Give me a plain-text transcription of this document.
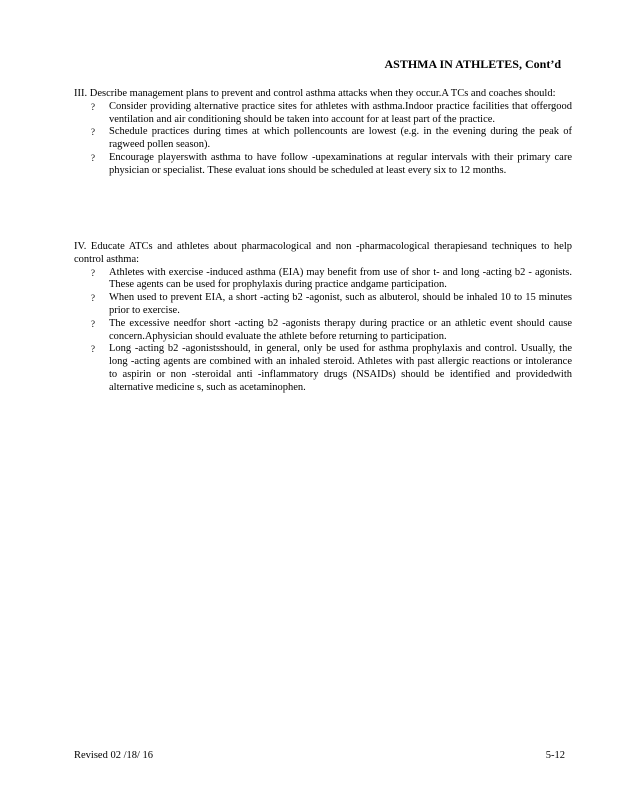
ASTHMA IN ATHLETES, Cont’d

III. Describe management plans to prevent and control asthma attacks when they occur.A TCs and coaches should:

? Consider providing alternative practice sites for athletes with asthma.Indoor practice facilities that offergood ventilation and air conditioning should be taken into account for at least part of the practice.
? Schedule practices during times at which pollencounts are lowest (e.g. in the evening during the peak of ragweed pollen season).
? Encourage playerswith asthma to have follow -upexaminations at regular intervals with their primary care physician or specialist. These evaluat ions should be scheduled at least every six to 12 months.

IV. Educate ATCs and athletes about pharmacological and non -pharmacological therapiesand techniques to help control asthma:

? Athletes with exercise -induced asthma (EIA) may benefit from use of shor t- and long -acting b2 - agonists. These agents can be used for prophylaxis during practice andgame participation.
? When used to prevent EIA, a short -acting b2 -agonist, such as albuterol, should be inhaled 10 to 15 minutes prior to exercise.
? The excessive needfor short -acting b2 -agonists therapy during practice or an athletic event should cause concern.Aphysician should evaluate the athlete before returning to participation.
? Long -acting b2 -agonistsshould, in general, only be used for asthma prophylaxis and control. Usually, the long -acting agents are combined with an inhaled steroid. Athletes with past allergic reactions or intolerance to aspirin or non -steroidal anti -inflammatory drugs (NSAIDs) should be identified and providedwith alternative medicine s, such as acetaminophen.
Revised 02 /18/ 16	5-12
